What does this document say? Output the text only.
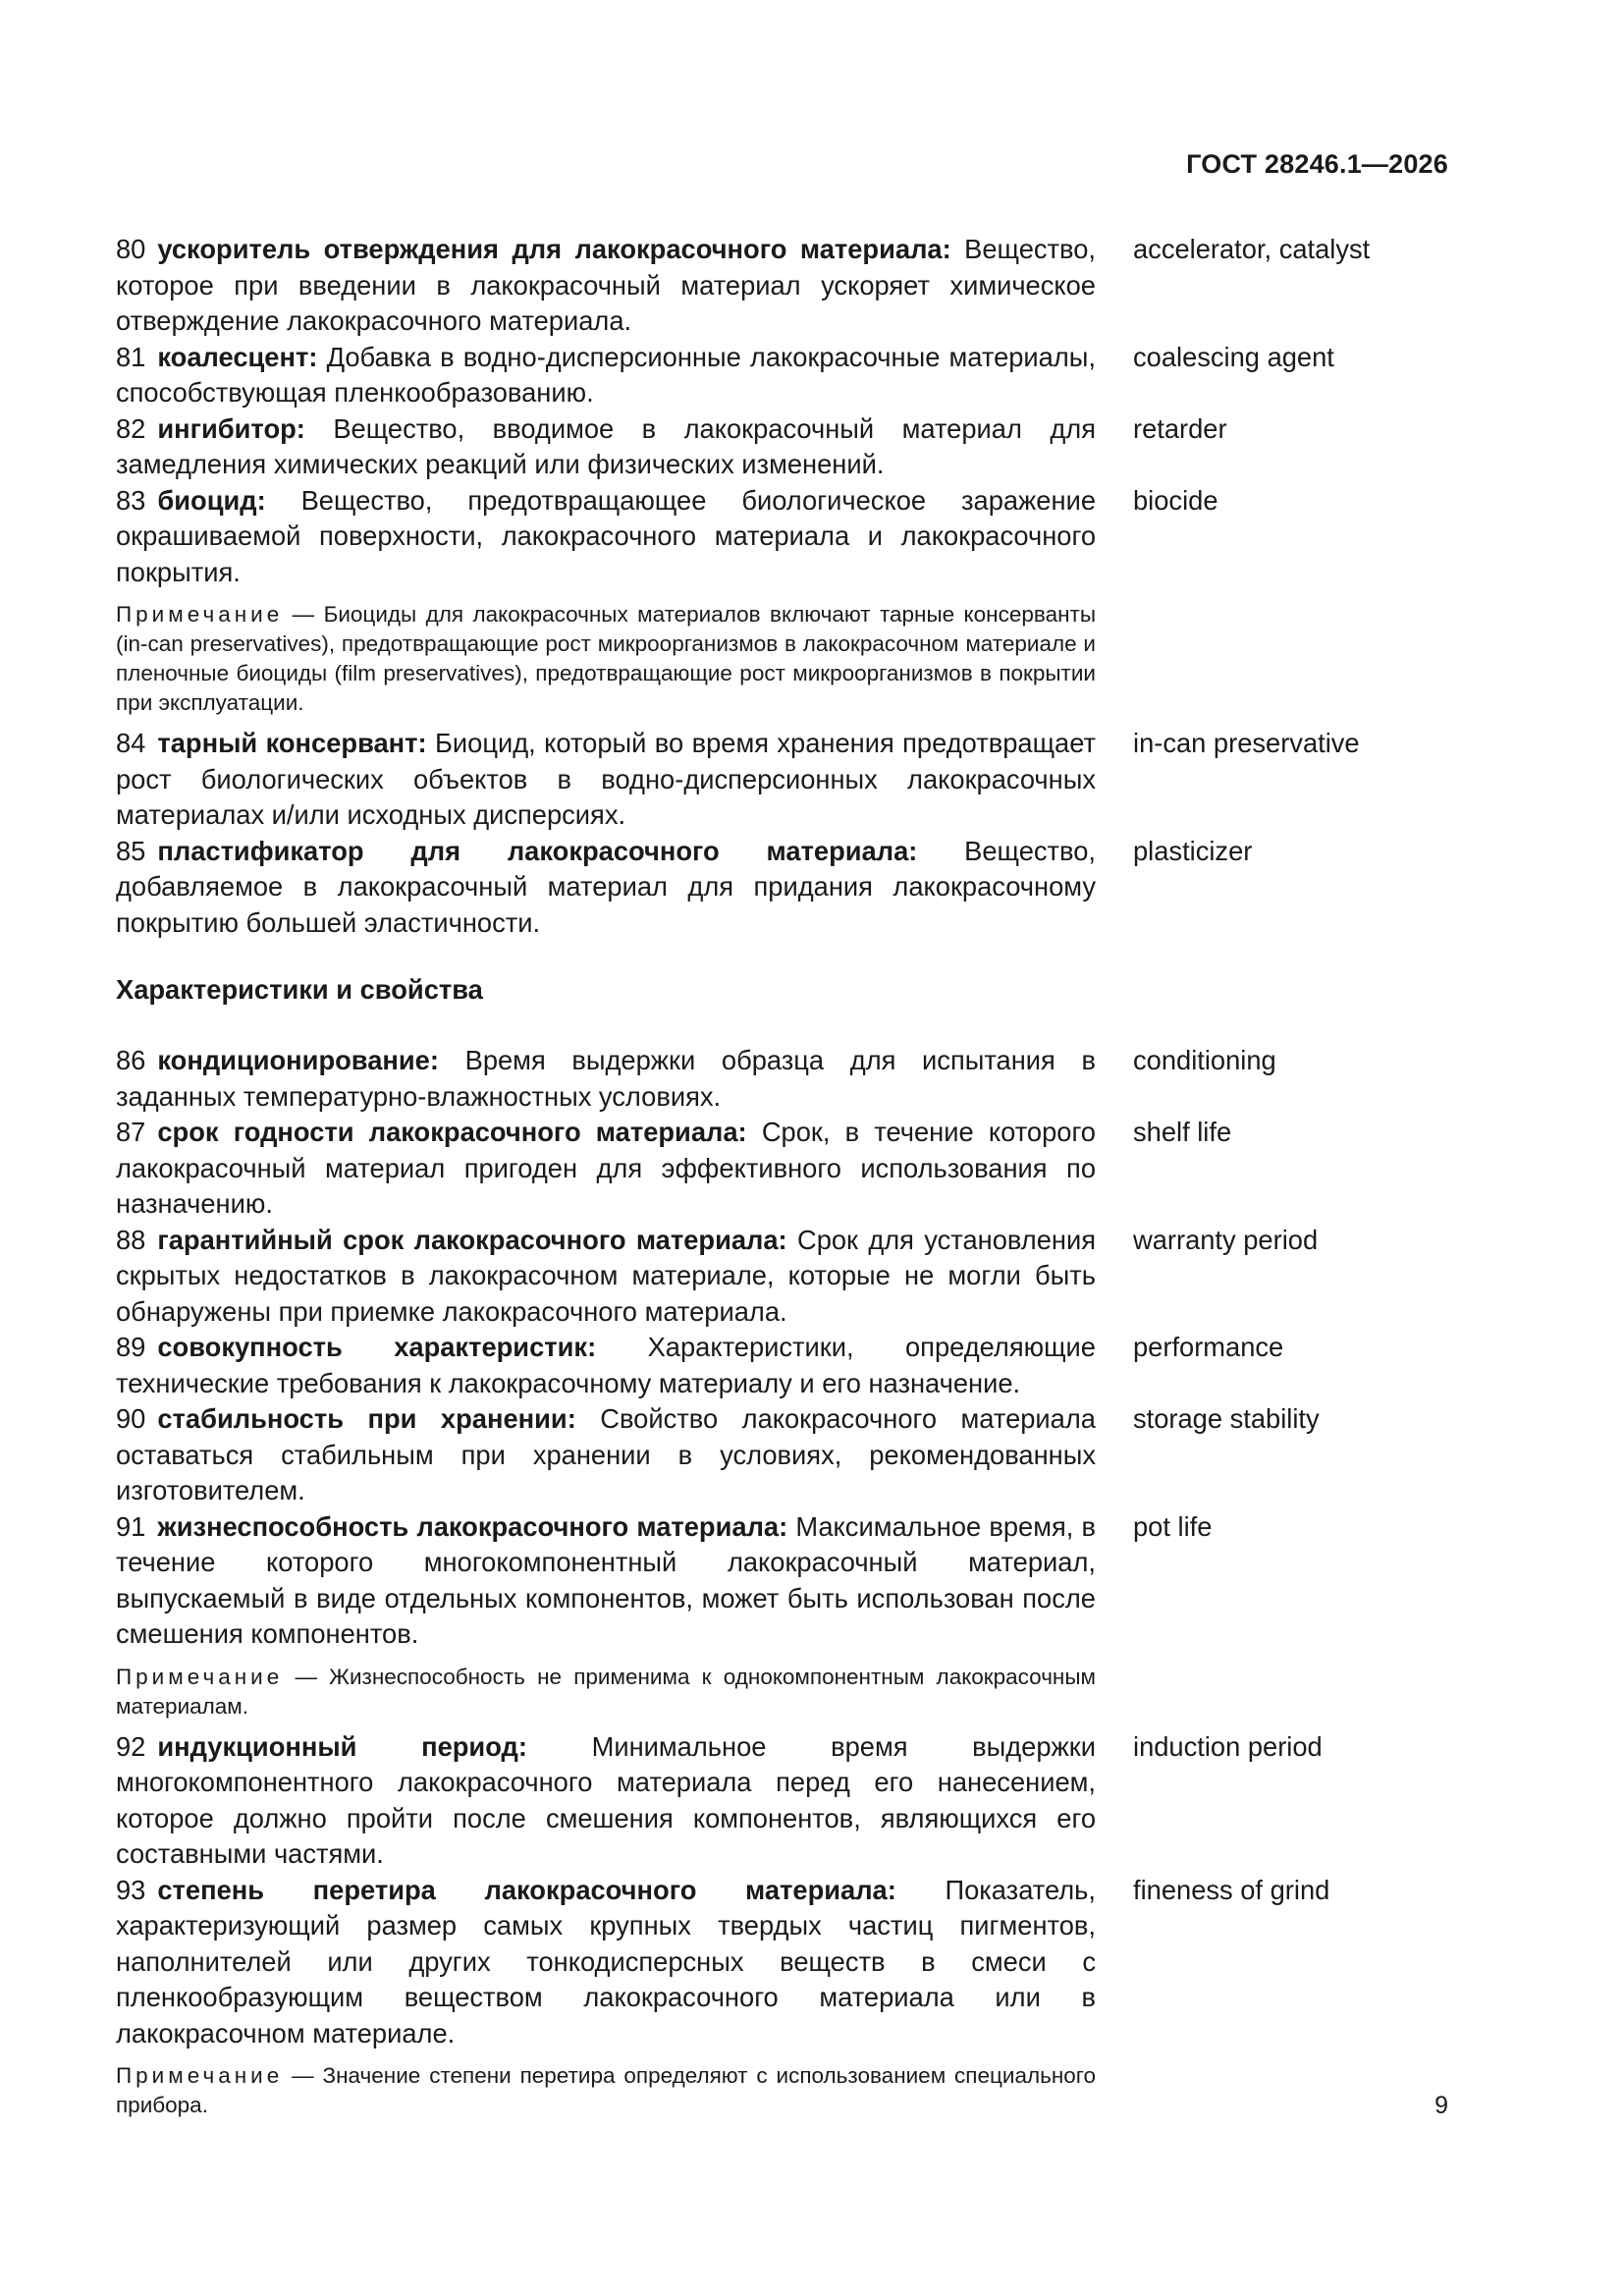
ГОСТ 28246.1—2026
80 ускоритель отверждения для лакокрасочного материала: Вещество, которое при введении в лакокрасочный материал ускоряет химическое отверждение лакокрасочного материала.
accelerator, catalyst
81 коалесцент: Добавка в водно-дисперсионные лакокрасочные материалы, способствующая пленкообразованию.
coalescing agent
82 ингибитор: Вещество, вводимое в лакокрасочный материал для замедления химических реакций или физических изменений.
retarder
83 биоцид: Вещество, предотвращающее биологическое заражение окрашиваемой поверхности, лакокрасочного материала и лакокрасочного покрытия.
biocide
Примечание — Биоциды для лакокрасочных материалов включают тарные консерванты (in-can preservatives), предотвращающие рост микроорганизмов в лакокрасочном материале и пленочные биоциды (film preservatives), предотвращающие рост микроорганизмов в покрытии при эксплуатации.
84 тарный консервант: Биоцид, который во время хранения предотвращает рост биологических объектов в водно-дисперсионных лакокрасочных материалах и/или исходных дисперсиях.
in-can preservative
85 пластификатор для лакокрасочного материала: Вещество, добавляемое в лакокрасочный материал для придания лакокрасочному покрытию большей эластичности.
plasticizer
Характеристики и свойства
86 кондиционирование: Время выдержки образца для испытания в заданных температурно-влажностных условиях.
conditioning
87 срок годности лакокрасочного материала: Срок, в течение которого лакокрасочный материал пригоден для эффективного использования по назначению.
shelf life
88 гарантийный срок лакокрасочного материала: Срок для установления скрытых недостатков в лакокрасочном материале, которые не могли быть обнаружены при приемке лакокрасочного материала.
warranty period
89 совокупность характеристик: Характеристики, определяющие технические требования к лакокрасочному материалу и его назначение.
performance
90 стабильность при хранении: Свойство лакокрасочного материала оставаться стабильным при хранении в условиях, рекомендованных изготовителем.
storage stability
91 жизнеспособность лакокрасочного материала: Максимальное время, в течение которого многокомпонентный лакокрасочный материал, выпускаемый в виде отдельных компонентов, может быть использован после смешения компонентов.
pot life
Примечание — Жизнеспособность не применима к однокомпонентным лакокрасочным материалам.
92 индукционный период: Минимальное время выдержки многокомпонентного лакокрасочного материала перед его нанесением, которое должно пройти после смешения компонентов, являющихся его составными частями.
induction period
93 степень перетира лакокрасочного материала: Показатель, характеризующий размер самых крупных твердых частиц пигментов, наполнителей или других тонкодисперсных веществ в смеси с пленкообразующим веществом лакокрасочного материала или в лакокрасочном материале.
fineness of grind
Примечание — Значение степени перетира определяют с использованием специального прибора.	9
